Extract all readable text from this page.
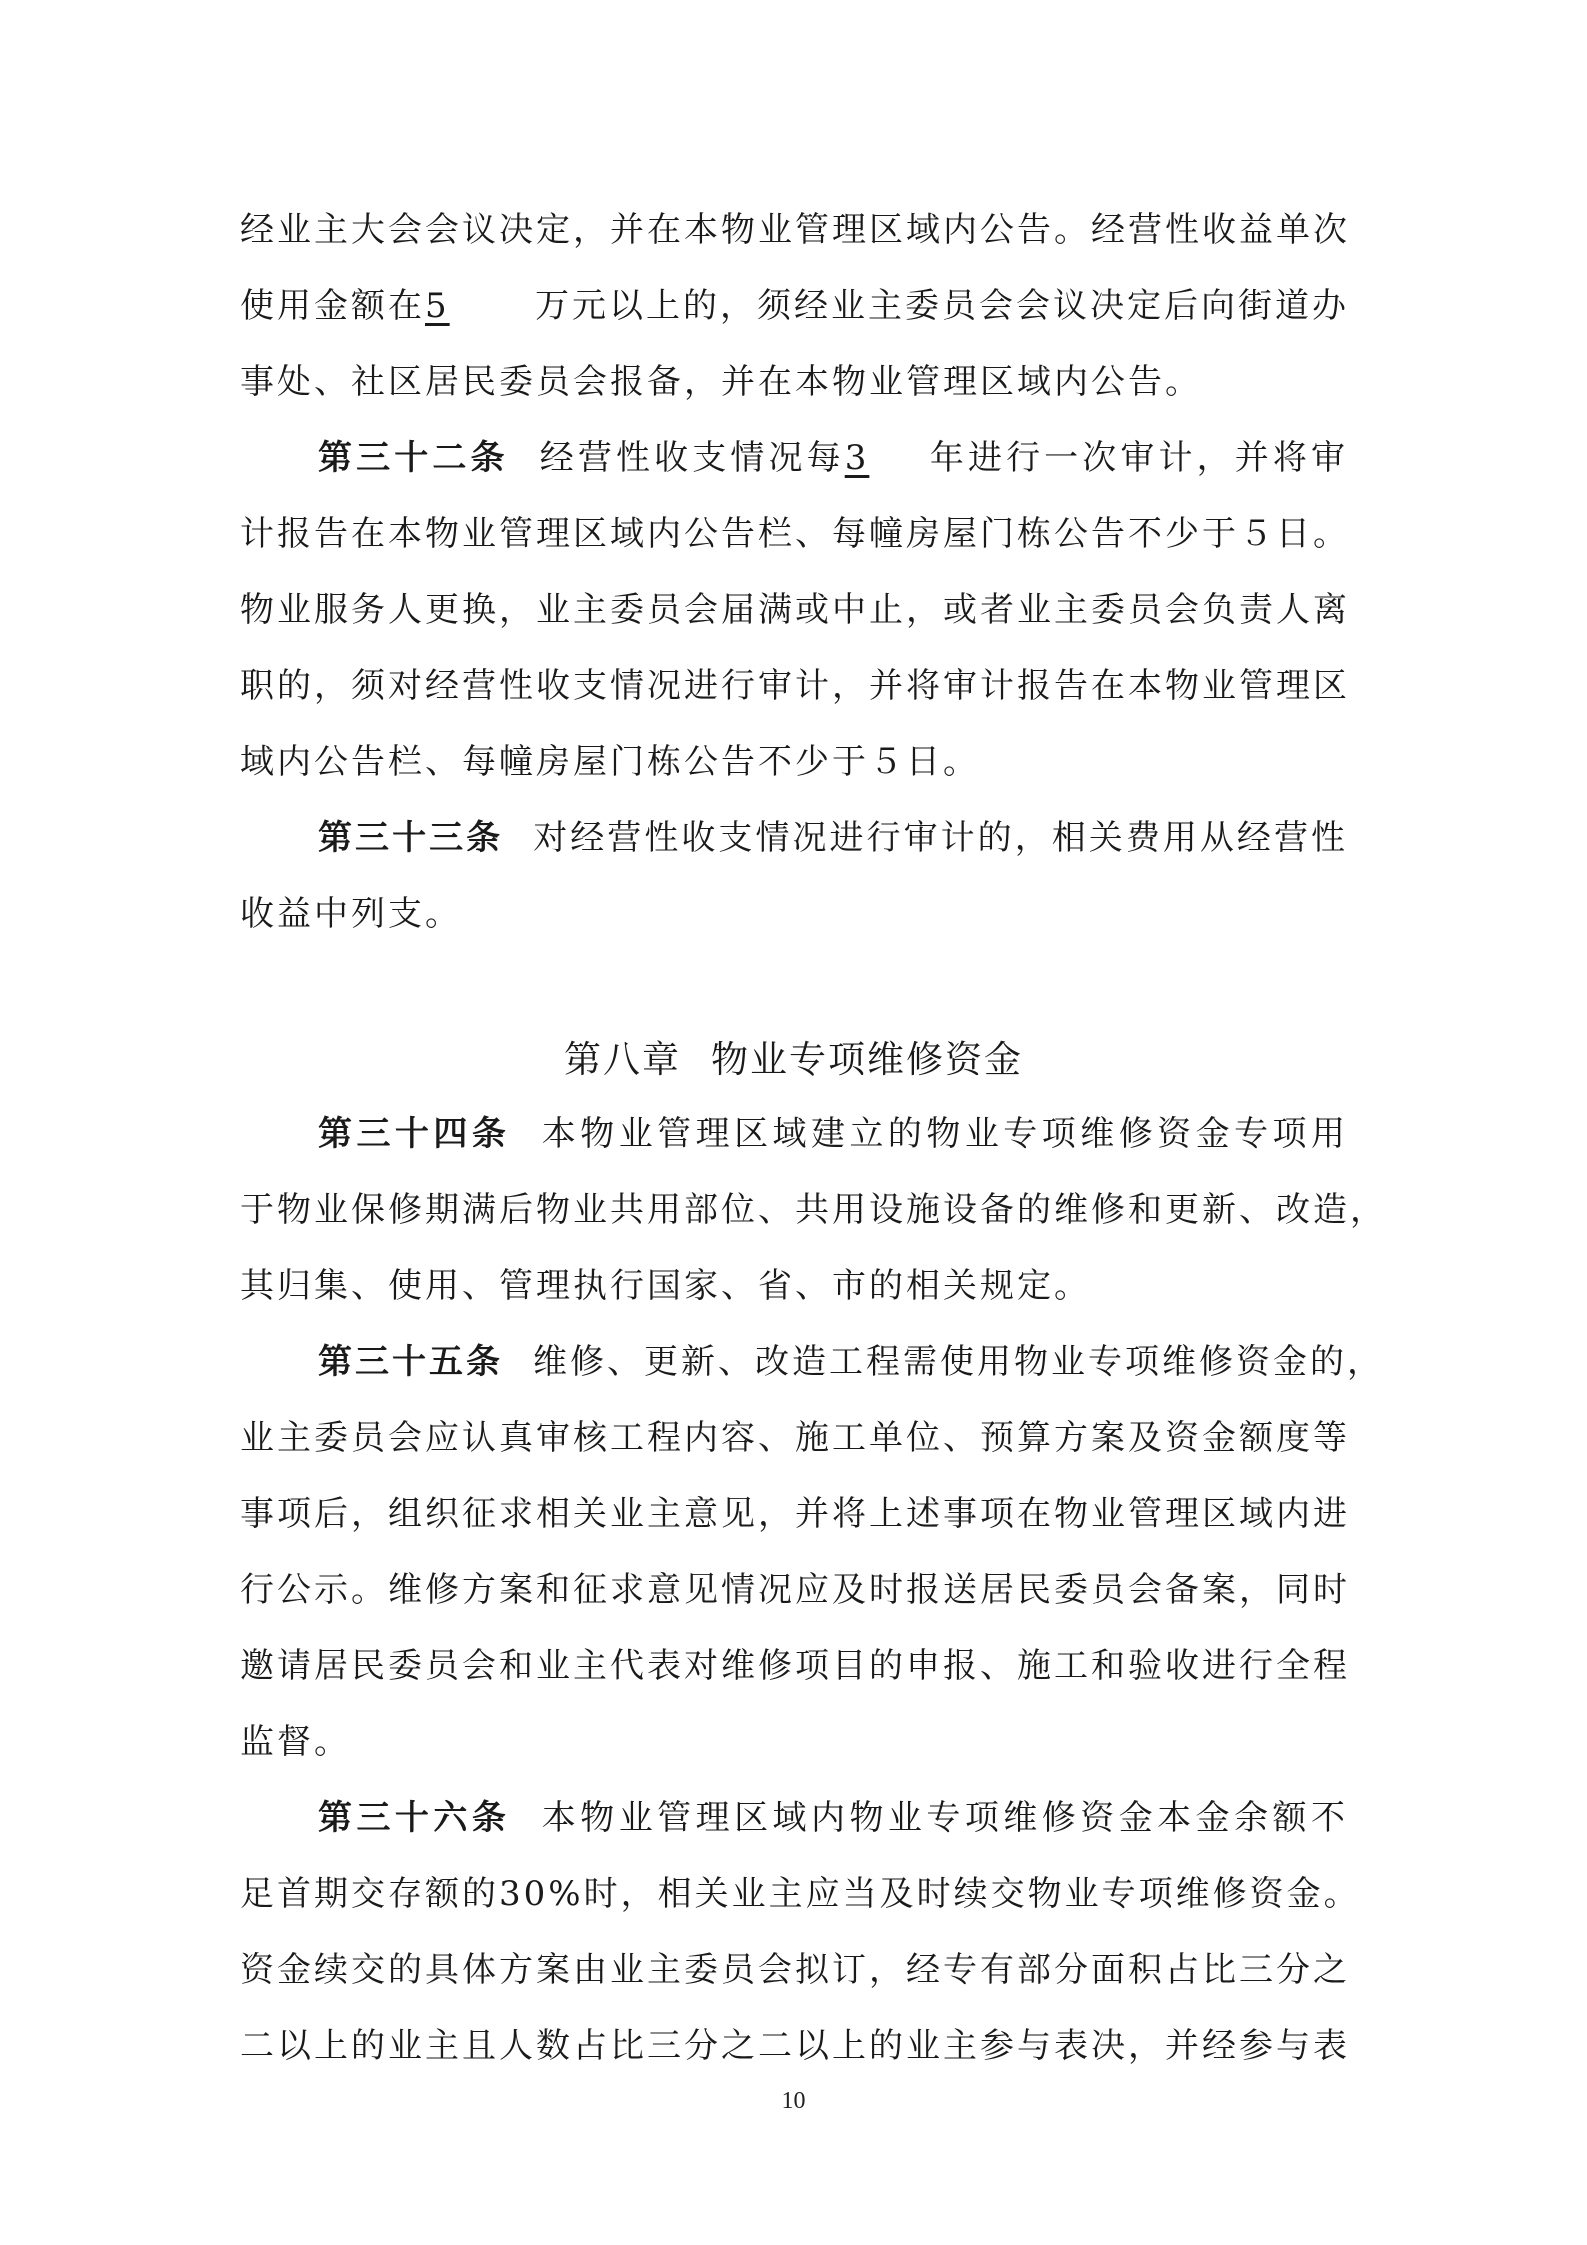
经业主大会会议决定，并在本物业管理区域内公告。经营性收益单次
使用金额在5	万元以上的，须经业主委员会会议决定后向街道办
事处、社区居民委员会报备，并在本物业管理区域内公告。
第三十二条 经营性收支情况每3 年进行一次审计，并将审
计报告在本物业管理区域内公告栏、每幢房屋门栋公告不少于５日。
物业服务人更换，业主委员会届满或中止，或者业主委员会负责人离
职的，须对经营性收支情况进行审计，并将审计报告在本物业管理区
域内公告栏、每幢房屋门栋公告不少于５日。
第三十三条 对经营性收支情况进行审计的，相关费用从经营性
收益中列支。
第八章 物业专项维修资金
第三十四条 本物业管理区域建立的物业专项维修资金专项用
于物业保修期满后物业共用部位、共用设施设备的维修和更新、改造，
其归集、使用、管理执行国家、省、市的相关规定。
第三十五条 维修、更新、改造工程需使用物业专项维修资金的，
业主委员会应认真审核工程内容、施工单位、预算方案及资金额度等
事项后，组织征求相关业主意见，并将上述事项在物业管理区域内进
行公示。维修方案和征求意见情况应及时报送居民委员会备案，同时
邀请居民委员会和业主代表对维修项目的申报、施工和验收进行全程
监督。
第三十六条 本物业管理区域内物业专项维修资金本金余额不
足首期交存额的30%时，相关业主应当及时续交物业专项维修资金。
资金续交的具体方案由业主委员会拟订，经专有部分面积占比三分之
二以上的业主且人数占比三分之二以上的业主参与表决，并经参与表
10
